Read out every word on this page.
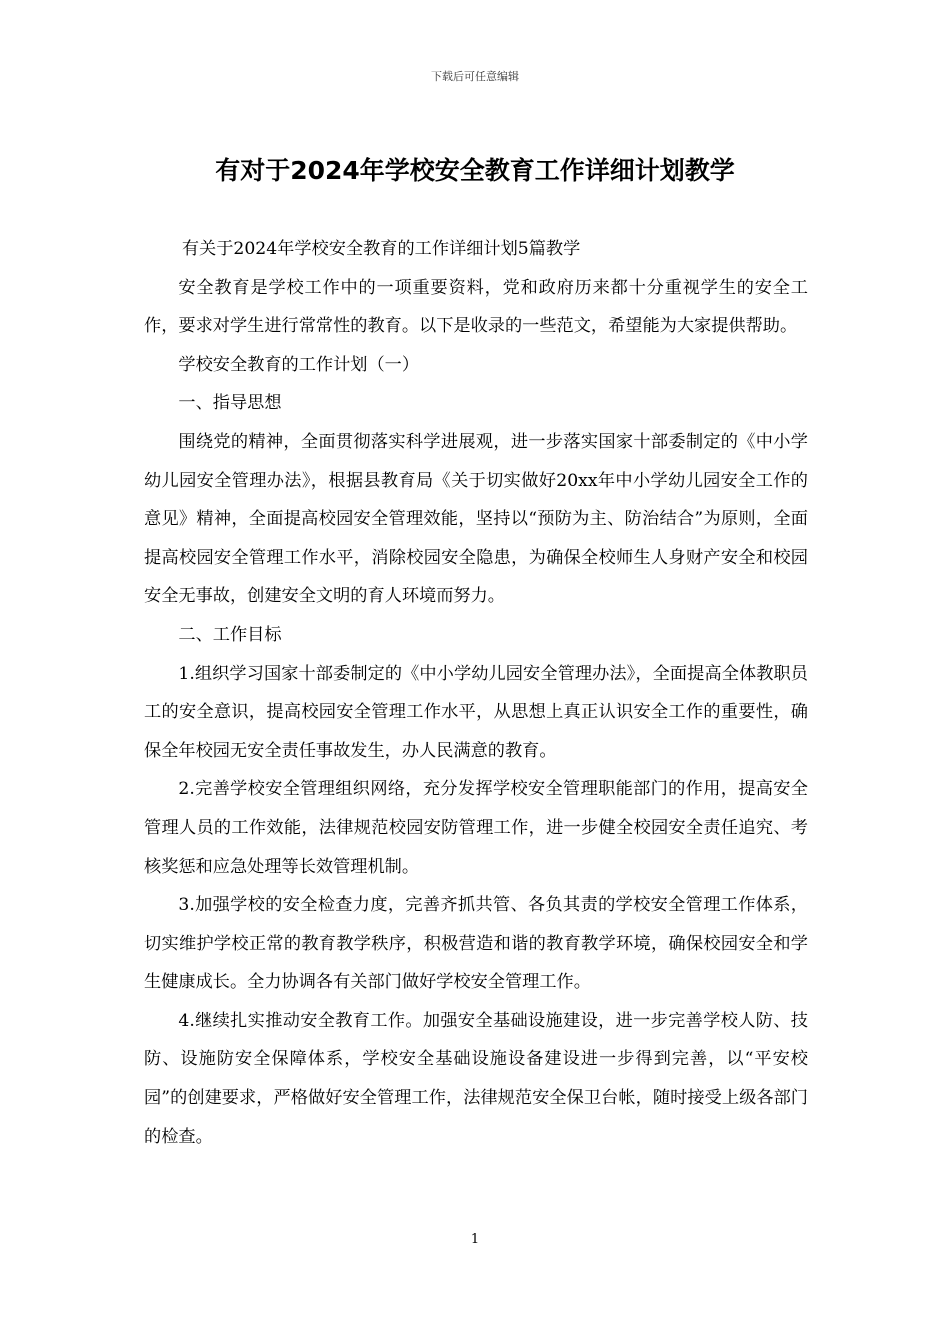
下载后可任意编辑
有对于2024年学校安全教育工作详细计划教学

有关于2024年学校安全教育的工作详细计划5篇教学

安全教育是学校工作中的一项重要资料，党和政府历来都十分重视学生的安全工作，要求对学生进行常常性的教育。以下是收录的一些范文，希望能为大家提供帮助。

学校安全教育的工作计划（一）

一、指导思想

围绕党的精神，全面贯彻落实科学进展观，进一步落实国家十部委制定的《中小学幼儿园安全管理办法》，根据县教育局《关于切实做好20xx年中小学幼儿园安全工作的意见》精神，全面提高校园安全管理效能，坚持以“预防为主、防治结合”为原则，全面提高校园安全管理工作水平，消除校园安全隐患，为确保全校师生人身财产安全和校园安全无事故，创建安全文明的育人环境而努力。

二、工作目标

1.组织学习国家十部委制定的《中小学幼儿园安全管理办法》，全面提高全体教职员工的安全意识，提高校园安全管理工作水平，从思想上真正认识安全工作的重要性，确保全年校园无安全责任事故发生，办人民满意的教育。

2.完善学校安全管理组织网络，充分发挥学校安全管理职能部门的作用，提高安全管理人员的工作效能，法律规范校园安防管理工作，进一步健全校园安全责任追究、考核奖惩和应急处理等长效管理机制。

3.加强学校的安全检查力度，完善齐抓共管、各负其责的学校安全管理工作体系，切实维护学校正常的教育教学秩序，积极营造和谐的教育教学环境，确保校园安全和学生健康成长。全力协调各有关部门做好学校安全管理工作。

4.继续扎实推动安全教育工作。加强安全基础设施建设，进一步完善学校人防、技防、设施防安全保障体系，学校安全基础设施设备建设进一步得到完善，以“平安校园”的创建要求，严格做好安全管理工作，法律规范安全保卫台帐，随时接受上级各部门的检查。

1
